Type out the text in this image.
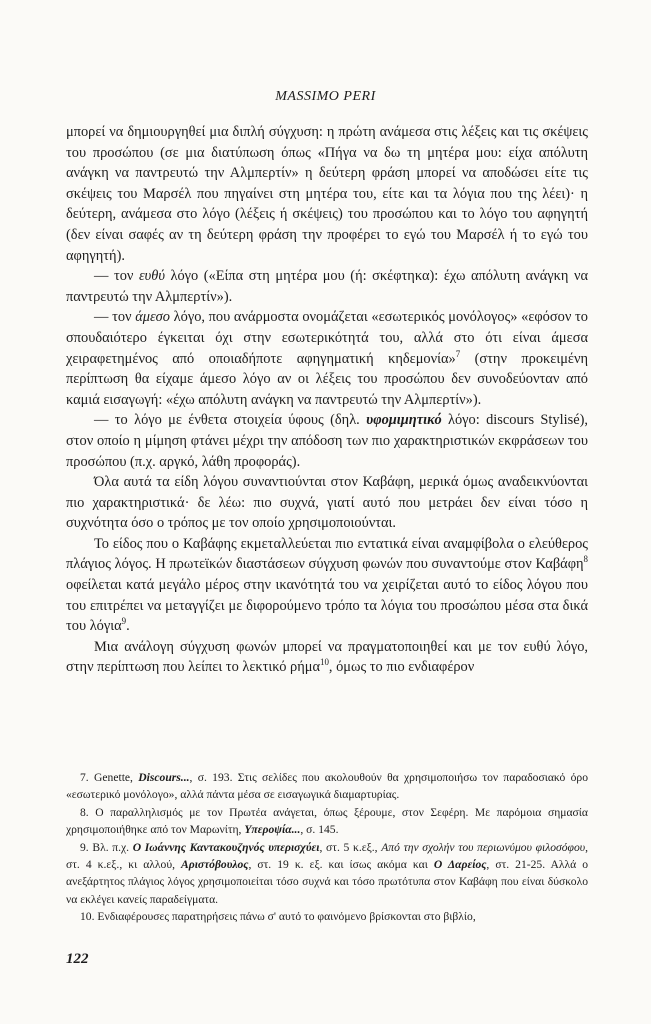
MASSIMO PERI

μπορεί να δημιουργηθεί μια διπλή σύγχυση: η πρώτη ανάμεσα στις λέξεις και τις σκέψεις του προσώπου (σε μια διατύπωση όπως «Πήγα να δω τη μητέρα μου: είχα απόλυτη ανάγκη να παντρευτώ την Αλμπερτίν» η δεύτερη φράση μπορεί να αποδώσει είτε τις σκέψεις του Μαρσέλ που πηγαίνει στη μητέρα του, είτε και τα λόγια που της λέει)· η δεύτερη, ανάμεσα στο λόγο (λέξεις ή σκέψεις) του προσώπου και το λόγο του αφηγητή (δεν είναι σαφές αν τη δεύτερη φράση την προφέρει το εγώ του Μαρσέλ ή το εγώ του αφηγητή).

— τον ευθύ λόγο («Είπα στη μητέρα μου (ή: σκέφτηκα): έχω απόλυτη ανάγκη να παντρευτώ την Αλμπερτίν»).

— τον άμεσο λόγο, που ανάρμοστα ονομάζεται «εσωτερικός μονόλογος» «εφόσον το σπουδαιότερο έγκειται όχι στην εσωτερικότητά του, αλλά στο ότι είναι άμεσα χειραφετημένος από οποιαδήποτε αφηγηματική κηδεμονία»$^7$ (στην προκειμένη περίπτωση θα είχαμε άμεσο λόγο αν οι λέξεις του προσώπου δεν συνοδεύονταν από καμιά εισαγωγή: «έχω απόλυτη ανάγκη να παντρευτώ την Αλμπερτίν»).

— το λόγο με ένθετα στοιχεία ύφους (δηλ. υφομιμητικό λόγο: discours Stylisé), στον οποίο η μίμηση φτάνει μέχρι την απόδοση των πιο χαρακτηριστικών εκφράσεων του προσώπου (π.χ. αργκό, λάθη προφοράς).

Όλα αυτά τα είδη λόγου συναντιούνται στον Καβάφη, μερικά όμως αναδεικνύονται πιο χαρακτηριστικά· δε λέω: πιο συχνά, γιατί αυτό που μετράει δεν είναι τόσο η συχνότητα όσο ο τρόπος με τον οποίο χρησιμοποιούνται.

Το είδος που ο Καβάφης εκμεταλλεύεται πιο εντατικά είναι αναμφίβολα ο ελεύθερος πλάγιος λόγος. Η πρωτεϊκών διαστάσεων σύγχυση φωνών που συναντούμε στον Καβάφη$^8$ οφείλεται κατά μεγάλο μέρος στην ικανότητά του να χειρίζεται αυτό το είδος λόγου που του επιτρέπει να μεταγγίζει με διφορούμενο τρόπο τα λόγια του προσώπου μέσα στα δικά του λόγια$^9$.

Μια ανάλογη σύγχυση φωνών μπορεί να πραγματοποιηθεί και με τον ευθύ λόγο, στην περίπτωση που λείπει το λεκτικό ρήμα$^{10}$, όμως το πιο ενδιαφέρον

7. Genette, Discours..., σ. 193. Στις σελίδες που ακολουθούν θα χρησιμοποιήσω τον παραδοσιακό όρο «εσωτερικό μονόλογο», αλλά πάντα μέσα σε εισαγωγικά διαμαρτυρίας.

8. Ο παραλληλισμός με τον Πρωτέα ανάγεται, όπως ξέρουμε, στον Σεφέρη. Με παρόμοια σημασία χρησιμοποιήθηκε από τον Μαρωνίτη, Υπεροψία..., σ. 145.

9. Βλ. π.χ. Ο Ιωάννης Καντακουζηνός υπερισχύει, στ. 5 κ.εξ., Από την σχολήν του περιωνύμου φιλοσόφου, στ. 4 κ.εξ., κι αλλού, Αριστόβουλος, στ. 19 κ. εξ. και ίσως ακόμα και Ο Δαρείος, στ. 21-25. Αλλά ο ανεξάρτητος πλάγιος λόγος χρησιμοποιείται τόσο συχνά και τόσο πρωτότυπα στον Καβάφη που είναι δύσκολο να εκλέγει κανείς παραδείγματα.

10. Ενδιαφέρουσες παρατηρήσεις πάνω σ' αυτό το φαινόμενο βρίσκονται στο βιβλίο,

122
